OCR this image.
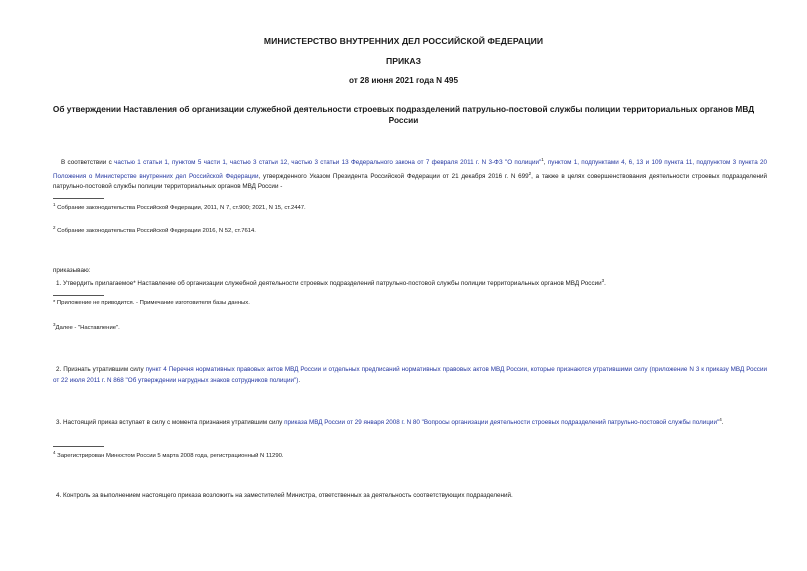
МИНИСТЕРСТВО ВНУТРЕННИХ ДЕЛ РОССИЙСКОЙ ФЕДЕРАЦИИ
ПРИКАЗ
от 28 июня 2021 года N 495
Об утверждении Наставления об организации служебной деятельности строевых подразделений патрульно-постовой службы полиции территориальных органов МВД России
В соответствии с частью 1 статьи 1, пунктом 5 части 1, частью 3 статьи 12, частью 3 статьи 13 Федерального закона от 7 февраля 2011 г. N 3-ФЗ "О полиции"$^1$, пунктом 1, подпунктами 4, 6, 13 и 109 пункта 11, подпунктом 3 пункта 20 Положения о Министерстве внутренних дел Российской Федерации, утвержденного Указом Президента Российской Федерации от 21 декабря 2016 г. N $699^2$, а также в целях совершенствования деятельности строевых подразделений патрульно-постовой службы полиции территориальных органов МВД России -
$^1$ Собрание законодательства Российской Федерации, 2011, N 7, ст.900; 2021, N 15, ст.2447.
$^2$ Собрание законодательства Российской Федерации 2016, N 52, ст.7614.
приказываю:
1. Утвердить прилагаемое* Наставление об организации служебной деятельности строевых подразделений патрульно-постовой службы полиции территориальных органов МВД России$^3$.
* Приложение не приводится. - Примечание изготовителя базы данных.
$^3$Далее - "Наставление".
2. Признать утратившим силу пункт 4 Перечня нормативных правовых актов МВД России и отдельных предписаний нормативных правовых актов МВД России, которые признаются утратившими силу (приложение N 3 к приказу МВД России от 22 июля 2011 г. N 868 "Об утверждении нагрудных знаков сотрудников полиции").
3. Настоящий приказ вступает в силу с момента признания утратившим силу приказа МВД России от 29 января 2008 г. N 80 "Вопросы организации деятельности строевых подразделений патрульно-постовой службы полиции"$^4$.
$^4$ Зарегистрирован Минюстом России 5 марта 2008 года, регистрационный N 11290.
4. Контроль за выполнением настоящего приказа возложить на заместителей Министра, ответственных за деятельность соответствующих подразделений.
